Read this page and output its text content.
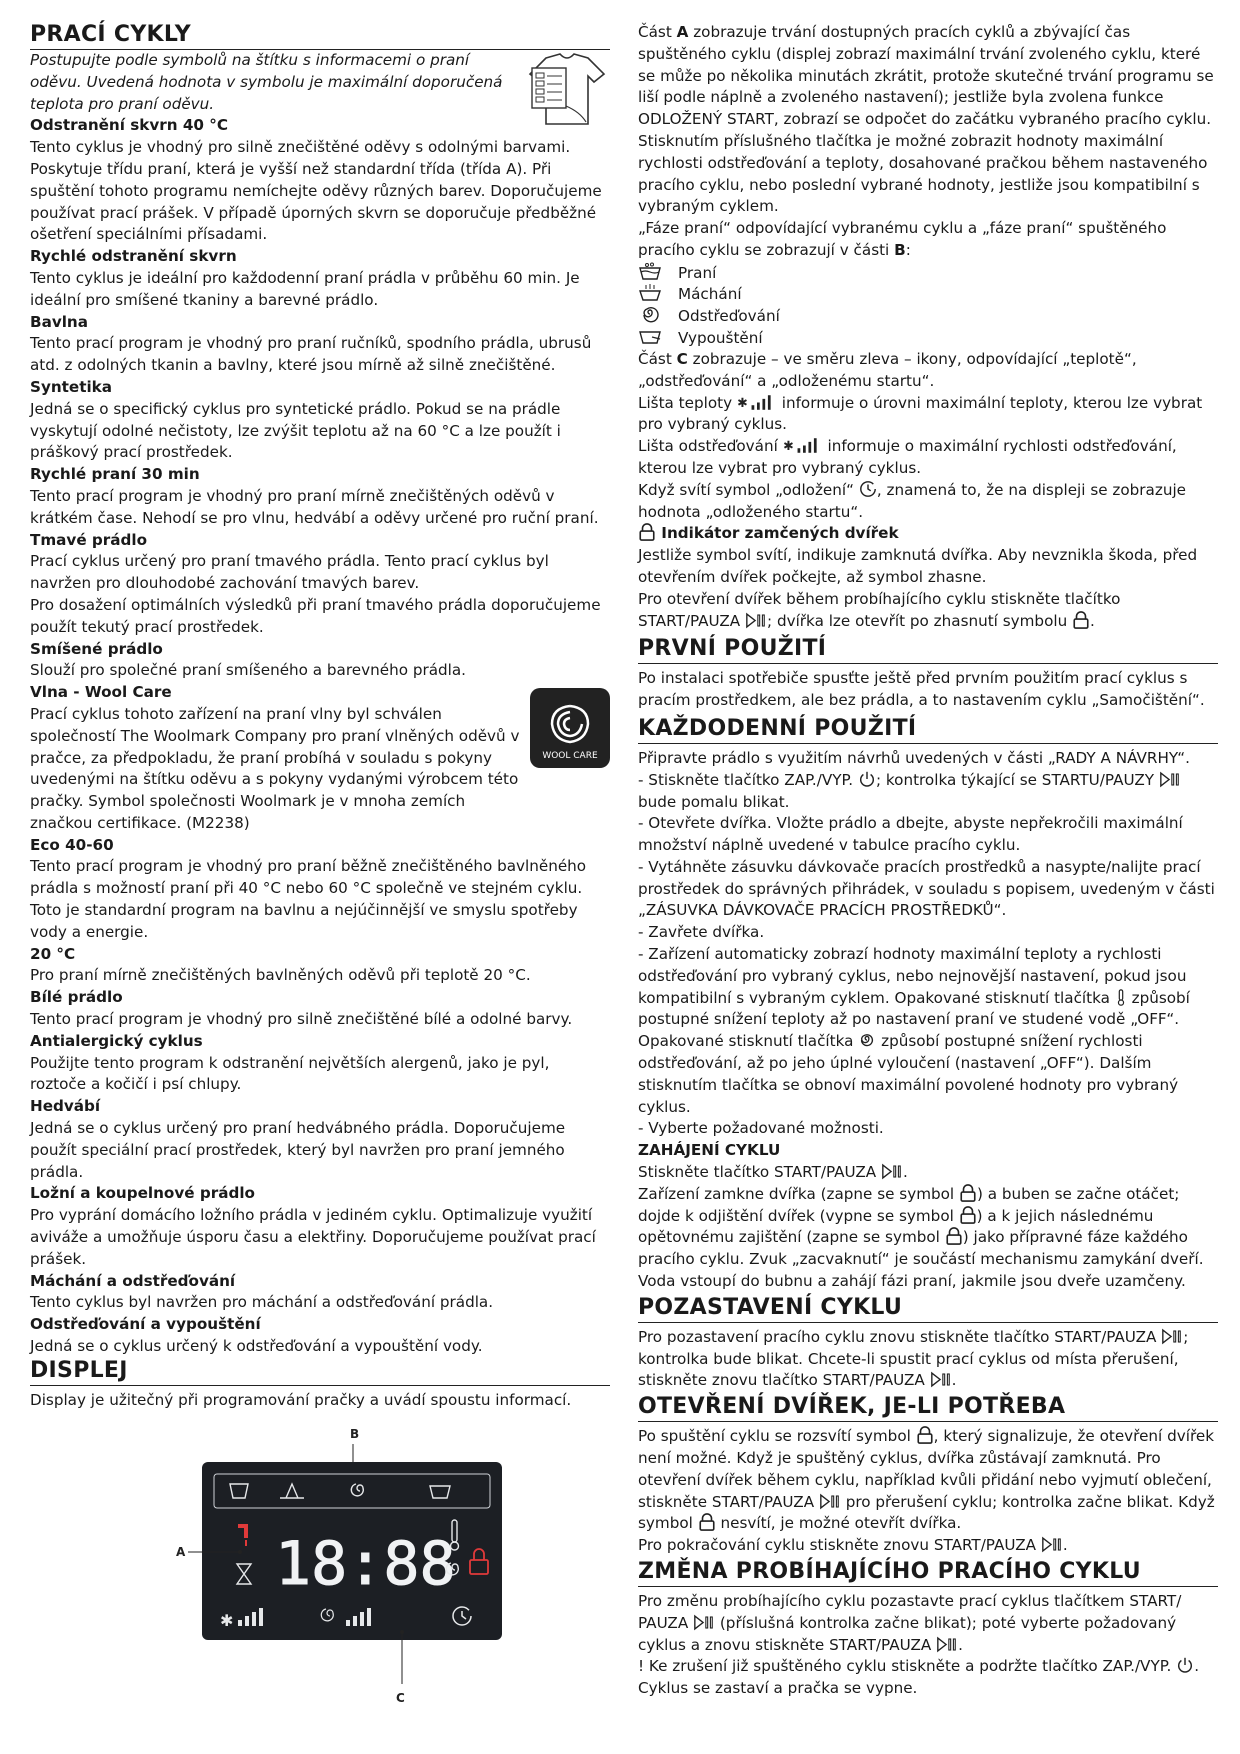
PRACÍ CYKLY

Postupujte podle symbolů na štítku s informacemi o praní oděvu. Uvedená hodnota v symbolu je maximální doporučená teplota pro praní oděvu.

Odstranění skvrn 40 °C

Tento cyklus je vhodný pro silně znečištěné oděvy s odolnými barvami. Poskytuje třídu praní, která je vyšší než standardní třída (třída A). Při spuštění tohoto programu nemíchejte oděvy různých barev. Doporučujeme používat prací prášek. V případě úporných skvrn se doporučuje předběžné ošetření speciálními přísadami.

Rychlé odstranění skvrn

Tento cyklus je ideální pro každodenní praní prádla v průběhu 60 min. Je ideální pro smíšené tkaniny a barevné prádlo.

Bavlna

Tento prací program je vhodný pro praní ručníků, spodního prádla, ubrusů atd. z odolných tkanin a bavlny, které jsou mírně až silně znečištěné.

Syntetika

Jedná se o specifický cyklus pro syntetické prádlo. Pokud se na prádle vyskytují odolné nečistoty, lze zvýšit teplotu až na 60 °C a lze použít i práškový prací prostředek.

Rychlé praní 30 min

Tento prací program je vhodný pro praní mírně znečištěných oděvů v krátkém čase. Nehodí se pro vlnu, hedvábí a oděvy určené pro ruční praní.

Tmavé prádlo

Prací cyklus určený pro praní tmavého prádla. Tento prací cyklus byl navržen pro dlouhodobé zachování tmavých barev.

Pro dosažení optimálních výsledků při praní tmavého prádla doporučujeme použít tekutý prací prostředek.

Smíšené prádlo

Slouží pro společné praní smíšeného a barevného prádla.

Vlna - Wool Care

Prací cyklus tohoto zařízení na praní vlny byl schválen společností The Woolmark Company pro praní vlněných oděvů v pračce, za předpokladu, že praní probíhá v souladu s pokyny uvedenými na štítku oděvu a s pokyny vydanými výrobcem této pračky. Symbol společnosti Woolmark je v mnoha zemích značkou certifikace. (M2238)

WOOL CARE
Eco 40-60

Tento prací program je vhodný pro praní běžně znečištěného bavlněného prádla s možností praní při 40 °C nebo 60 °C společně ve stejném cyklu. Toto je standardní program na bavlnu a nejúčinnější ve smyslu spotřeby vody a energie.

20 °C

Pro praní mírně znečištěných bavlněných oděvů při teplotě 20 °C.

Bílé prádlo

Tento prací program je vhodný pro silně znečištěné bílé a odolné barvy.

Antialergický cyklus

Použijte tento program k odstranění největších alergenů, jako je pyl, roztoče a kočičí i psí chlupy.

Hedvábí

Jedná se o cyklus určený pro praní hedvábného prádla. Doporučujeme použít speciální prací prostředek, který byl navržen pro praní jemného prádla.

Ložní a koupelnové prádlo

Pro vyprání domácího ložního prádla v jediném cyklu. Optimalizuje využití aviváže a umožňuje úsporu času a elektřiny. Doporučujeme používat prací prášek.

Máchání a odstřeďování

Tento cyklus byl navržen pro máchání a odstřeďování prádla.

Odstřeďování a vypouštění

Jedná se o cyklus určený k odstřeďování a vypouštění vody.

DISPLEJ

Display je užitečný při programování pračky a uvádí spoustu informací.

B
18:88
✱
A
C

Část A zobrazuje trvání dostupných pracích cyklů a zbývající čas spuštěného cyklu (displej zobrazí maximální trvání zvoleného cyklu, které se může po několika minutách zkrátit, protože skutečné trvání programu se liší podle náplně a zvoleného nastavení); jestliže byla zvolena funkce ODLOŽENÝ START, zobrazí se odpočet do začátku vybraného pracího cyklu. Stisknutím příslušného tlačítka je možné zobrazit hodnoty maximální rychlosti odstřeďování a teploty, dosahované pračkou během nastaveného pracího cyklu, nebo poslední vybrané hodnoty, jestliže jsou kompatibilní s vybraným cyklem.

„Fáze praní“ odpovídající vybranému cyklu a „fáze praní“ spuštěného pracího cyklu se zobrazují v části B:

Praní
Máchání
Odstřeďování
Vypouštění

Část C zobrazuje – ve směru zleva – ikony, odpovídající „teplotě“, „odstřeďování“ a „odloženému startu“.

Lišta teploty	informuje o úrovni maximální teploty, kterou lze vybrat pro vybraný cyklus.

Lišta odstřeďování	informuje o maximální rychlosti odstřeďování, kterou lze vybrat pro vybraný cyklus.

Když svítí symbol „odložení“ , znamená to, že na displeji se zobrazuje hodnota „odloženého startu“.

Indikátor zamčených dvířek

Jestliže symbol svítí, indikuje zamknutá dvířka. Aby nevznikla škoda, před otevřením dvířek počkejte, až symbol zhasne.

Pro otevření dvířek během probíhajícího cyklu stiskněte tlačítko START/PAUZA ; dvířka lze otevřít po zhasnutí symbolu .

PRVNÍ POUŽITÍ

Po instalaci spotřebiče spusťte ještě před prvním použitím prací cyklus s pracím prostředkem, ale bez prádla, a to nastavením cyklu „Samočištění“.

KAŽDODENNÍ POUŽITÍ

Připravte prádlo s využitím návrhů uvedených v části „RADY A NÁVRHY“.

- Stiskněte tlačítko ZAP./VYP. ; kontrolka týkající se STARTU/PAUZY  bude pomalu blikat.

- Otevřete dvířka. Vložte prádlo a dbejte, abyste nepřekročili maximální množství náplně uvedené v tabulce pracího cyklu.

- Vytáhněte zásuvku dávkovače pracích prostředků a nasypte/nalijte prací prostředek do správných přihrádek, v souladu s popisem, uvedeným v části „ZÁSUVKA DÁVKOVAČE PRACÍCH PROSTŘEDKŮ“.

- Zavřete dvířka.

- Zařízení automaticky zobrazí hodnoty maximální teploty a rychlosti odstřeďování pro vybraný cyklus, nebo nejnovější nastavení, pokud jsou kompatibilní s vybraným cyklem. Opakované stisknutí tlačítka  způsobí postupné snížení teploty až po nastavení praní ve studené vodě „OFF“.

Opakované stisknutí tlačítka  způsobí postupné snížení rychlosti odstřeďování, až po jeho úplné vyloučení (nastavení „OFF“). Dalším stisknutím tlačítka se obnoví maximální povolené hodnoty pro vybraný cyklus.

- Vyberte požadované možnosti.

ZAHÁJENÍ CYKLU

Stiskněte tlačítko START/PAUZA .

Zařízení zamkne dvířka (zapne se symbol ) a buben se začne otáčet; dojde k odjištění dvířek (vypne se symbol ) a k jejich následnému opětovnému zajištění (zapne se symbol ) jako přípravné fáze každého pracího cyklu. Zvuk „zacvaknutí“ je součástí mechanismu zamykání dveří. Voda vstoupí do bubnu a zahájí fázi praní, jakmile jsou dveře uzamčeny.

POZASTAVENÍ CYKLU

Pro pozastavení pracího cyklu znovu stiskněte tlačítko START/PAUZA ; kontrolka bude blikat. Chcete-li spustit prací cyklus od místa přerušení, stiskněte znovu tlačítko START/PAUZA .

OTEVŘENÍ DVÍŘEK, JE-LI POTŘEBA

Po spuštění cyklu se rozsvítí symbol , který signalizuje, že otevření dvířek není možné. Když je spuštěný cyklus, dvířka zůstávají zamknutá. Pro otevření dvířek během cyklu, například kvůli přidání nebo vyjmutí oblečení, stiskněte START/PAUZA  pro přerušení cyklu; kontrolka začne blikat. Když symbol  nesvítí, je možné otevřít dvířka.

Pro pokračování cyklu stiskněte znovu START/PAUZA .

ZMĚNA PROBÍHAJÍCÍHO PRACÍHO CYKLU

Pro změnu probíhajícího cyklu pozastavte prací cyklus tlačítkem START/ PAUZA  (příslušná kontrolka začne blikat); poté vyberte požadovaný cyklus a znovu stiskněte START/PAUZA .

! Ke zrušení již spuštěného cyklu stiskněte a podržte tlačítko ZAP./VYP. .

Cyklus se zastaví a pračka se vypne.
